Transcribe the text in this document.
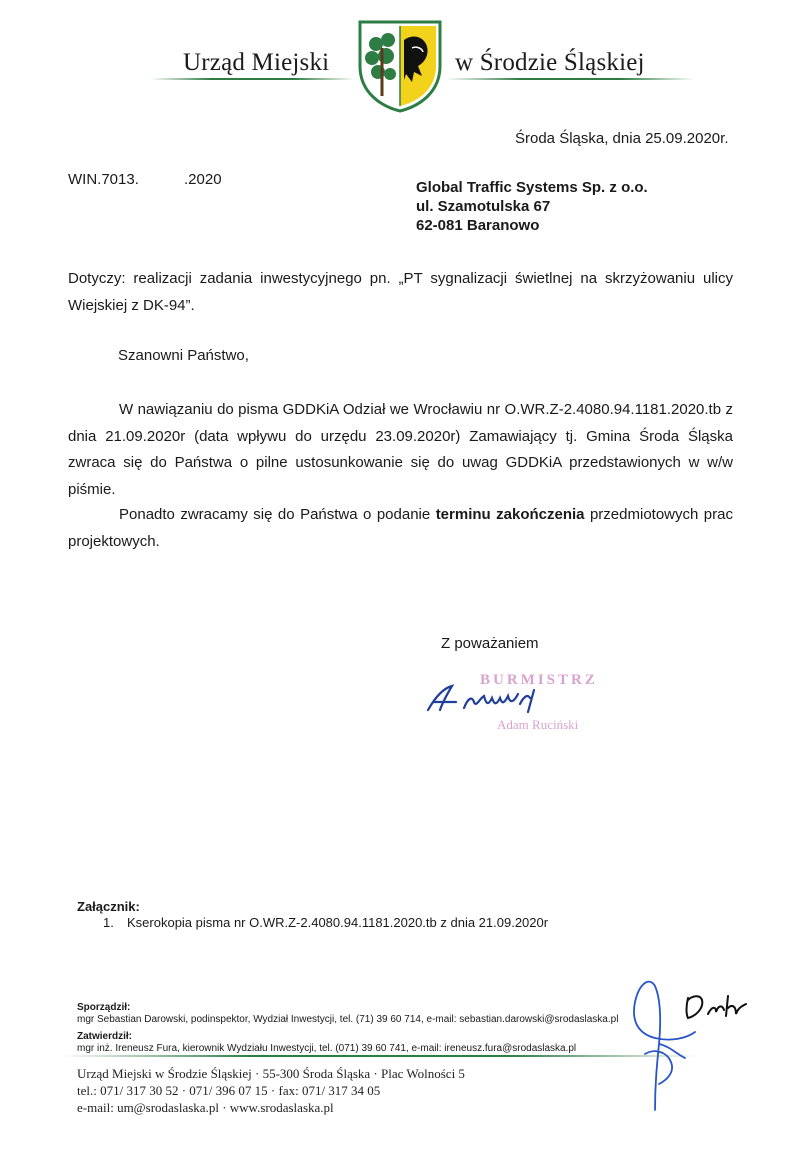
Urząd Miejski	w Środzie Śląskiej
Środa Śląska, dnia 25.09.2020r.
WIN.7013.	.2020	Global Traffic Systems Sp. z o.o.
ul. Szamotulska 67
62-081 Baranowo
Dotyczy: realizacji zadania inwestycyjnego pn. „PT sygnalizacji świetlnej na skrzyżowaniu ulicy
Wiejskiej z DK-94”.
Szanowni Państwo,
W nawiązaniu do pisma GDDKiA Odział we Wrocławiu nr O.WR.Z-2.4080.94.1181.2020.tb z dnia 21.09.2020r (data wpływu do urzędu 23.09.2020r) Zamawiający tj. Gmina Środa Śląska zwraca się do Państwa o pilne ustosunkowanie się do uwag GDDKiA przedstawionych w w/w piśmie.
Ponadto zwracamy się do Państwa o podanie terminu zakończenia przedmiotowych prac projektowych.
Z poważaniem
BURMISTRZ
Adam Ruciński
Załącznik:
1. Kserokopia pisma nr O.WR.Z-2.4080.94.1181.2020.tb z dnia 21.09.2020r
Sporządził:
mgr Sebastian Darowski, podinspektor, Wydział Inwestycji, tel. (71) 39 60 714, e-mail: sebastian.darowski@srodaslaska.pl
Zatwierdził:
mgr inż. Ireneusz Fura, kierownik Wydziału Inwestycji, tel. (071) 39 60 741, e-mail: ireneusz.fura@srodaslaska.pl
Urząd Miejski w Środzie Śląskiej · 55-300 Środa Śląska · Plac Wolności 5
tel.: 071/ 317 30 52 · 071/ 396 07 15 · fax: 071/ 317 34 05
e-mail: um@srodaslaska.pl · www.srodaslaska.pl
